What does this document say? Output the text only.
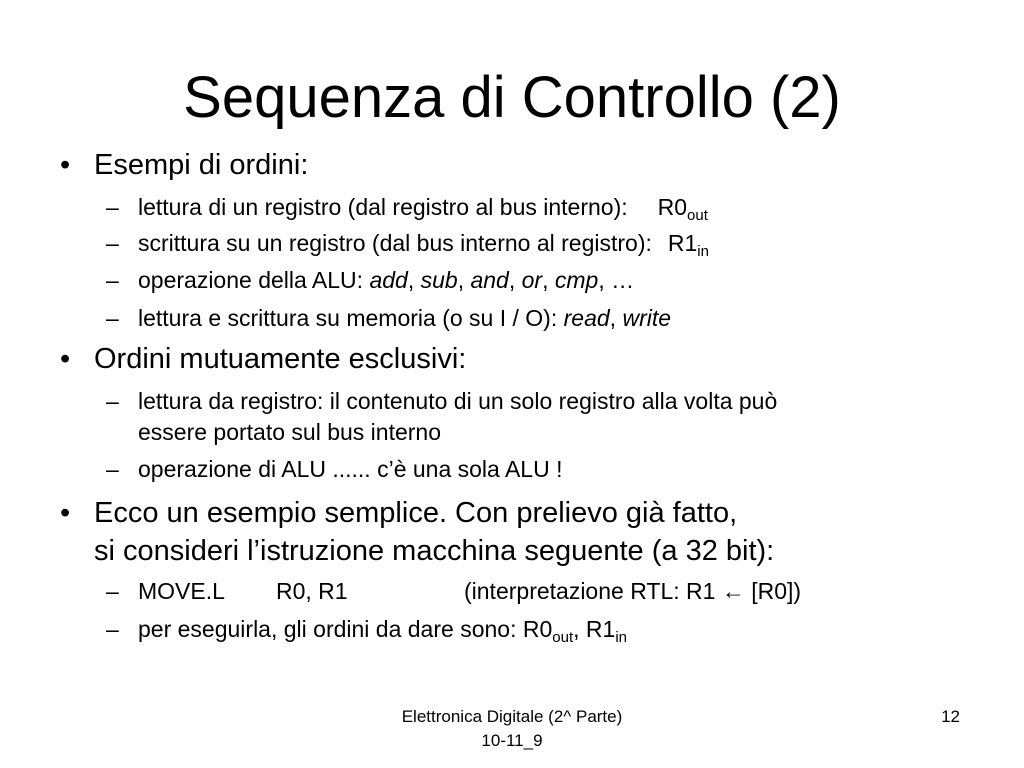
Sequenza di Controllo (2)
• Esempi di ordini:
– lettura di un registro (dal registro al bus interno): $R0_{out}$
– scrittura su un registro (dal bus interno al registro): $R1_{in}$
– operazione della ALU: add, sub, and, or, cmp, …
– lettura e scrittura su memoria (o su I / O): read, write
• Ordini mutuamente esclusivi:
– lettura da registro: il contenuto di un solo registro alla volta può
essere portato sul bus interno
– operazione di ALU ...... c’è una sola ALU !
• Ecco un esempio semplice. Con prelievo già fatto,
si consideri l’istruzione macchina seguente (a 32 bit):
– MOVE.L R0, R1	(interpretazione RTL: R1 ← [R0])
– per eseguirla, gli ordini da dare sono: $R0_{out}$, $R1_{in}$
Elettronica Digitale (2^ Parte)
10-11_9
12
